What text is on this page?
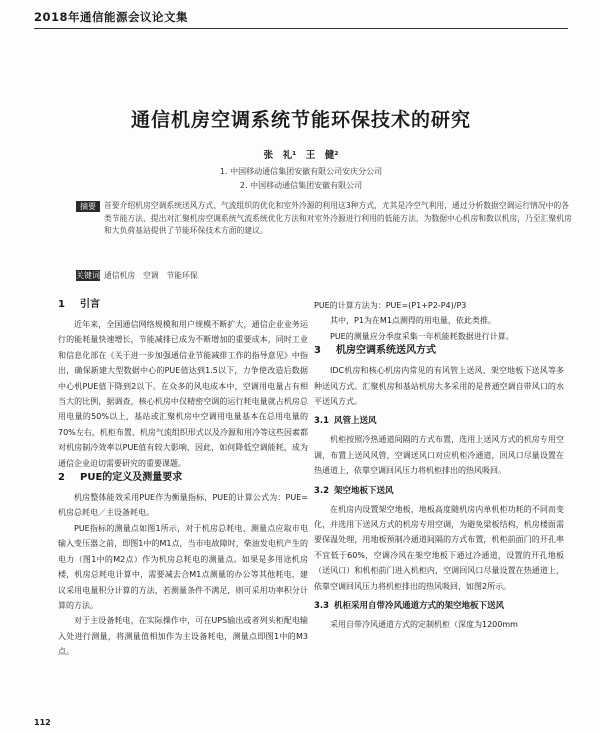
2018年通信能源会议论文集
通信机房空调系统节能环保技术的研究
张　礼¹　王　健²
1. 中国移动通信集团安徽有限公司安庆分公司
2. 中国移动通信集团安徽有限公司
摘要	首要介绍机房空调系统送风方式、气流组织的优化和室外冷源的利用这3种方式，尤其是冷空气利用，通过分析数据空调运行情况中的各类节能方法，提出对汇聚机房空调系统气流系统优化方法和对室外冷源进行利用的低能方法，为数据中心机房和数以机房，乃至汇聚机房和大负荷基站提供了节能环保技术方面的建议。
关键词 通信机房　空调　节能环保
1 引言

近年来，全国通信网络规模和用户规模不断扩大，通信企业业务运行的能耗量快速增长，节能减排已成为不断增加的重要成本，同时工业和信息化部在《关于进一步加强通信业节能减排工作的指导意见》中指出，确保新建大型数据中心的PUE值达到1.5以下，力争使改造后数据中心机PUE值下降到2以下。在众多的风电成本中，空调用电量占有相当大的比例，据调查，核心机房中仅精密空调的运行耗电量就占机房总用电量的50%以上，基站或汇聚机房中空调用电量基本在总用电量的70%左右，机柜布置、机房气流组织形式以及冷源和用冷等这些因素都对机房制冷效率以PUE值有较大影响，因此，如何降低空调能耗，成为通信企业迫切需要研究的重要课题。

2 PUE的定义及测量要求

机房整体能效采用PUE作为衡量指标，PUE的计算公式为：PUE=机房总耗电／主设备耗电。

PUE指标的测量点如图1所示，对于机房总耗电、测量点应取市电输入变压器之前，即图1中的M1点，当市电故障时，柴油发电机产生的电力（图1中的M2点）作为机房总耗电的测量点。如果是多用途机房楼，机房总耗电计算中，需要减去合M1点测量的办公等其他耗电，建议采用电量积分计算的方法，若测量条件不满足，则可采用功率积分计算的方法。

对于主设备耗电，在实际操作中，可在UPS输出或者列头柜配电输入处进行测量，将测量值相加作为主设备耗电，测量点即图1中的M3点。

PUE的计算方法为：PUE=(P1+P2-P4)/P3

其中，P1为在M1点测得的用电量，依此类推。

PUE的测量应分季度采集一年机能耗数据进行计算。

3 机房空调系统送风方式

IDC机房和核心机房内常见的有风管上送风、架空地板下送风等多种送风方式。汇聚机房和基站机房大多采用的是普通空调自带风口的水平送风方式。

3.1 风管上送风

机柜按照冷热通道间隔的方式布置，选用上送风方式的机房专用空调，布置上送风风管，空调送风口对应机柜冷通道，回风口尽量设置在热通道上，依靠空调回风压力将机柜排出的热风吸回。

3.2 架空地板下送风

在机房内设置架空地板，地板高度随机房内单机柜功耗的不同而变化，并选用下送风方式的机房专用空调，为避免梁板结构，机房楼面需要保温处理，用地板预制冷通道间隔的方式布置，机柜前面门的开孔率不宜低于60%，空调冷风在架空地板下通过冷通道，设置的开孔地板（送风口）和机柜前门进入机柜内，空调回风口尽量设置在热通道上，依靠空调回风压力将机柜排出的热风吸回，如图2所示。

3.3 机柜采用自带冷风通道方式的架空地板下送风

采用自带冷风通道方式的定制机柜（深度为1200mm

112
